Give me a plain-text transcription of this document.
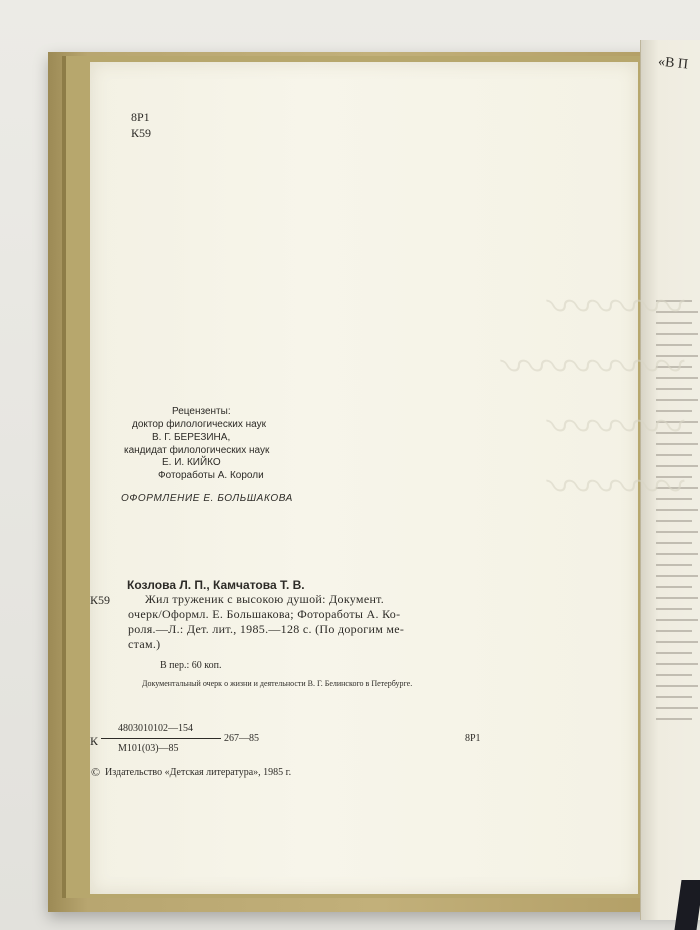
«В П
〰〰〰
〰〰〰〰
〰〰〰
〰〰〰
8Р1
К59
Рецензенты:
доктор филологических наук
В. Г. БЕРЕЗИНА,
кандидат филологических наук
Е. И. КИЙКО
Фотоработы А. Короли
ОФОРМЛЕНИЕ Е. БОЛЬШАКОВА
Козлова Л. П., Камчатова Т. В.
К59	Жил труженик с высокою душой: Документ.
очерк/Оформл. Е. Большакова; Фотоработы А. Ко-
роля.—Л.: Дет. лит., 1985.—128 с. (По дорогим ме-
стам.)
В пер.: 60 коп.
Документальный очерк о жизни и деятельности В. Г. Белинского в Петербурге.
К
4803010102—154
М101(03)—85
267—85	8Р1
© Издательство «Детская литература», 1985 г.
